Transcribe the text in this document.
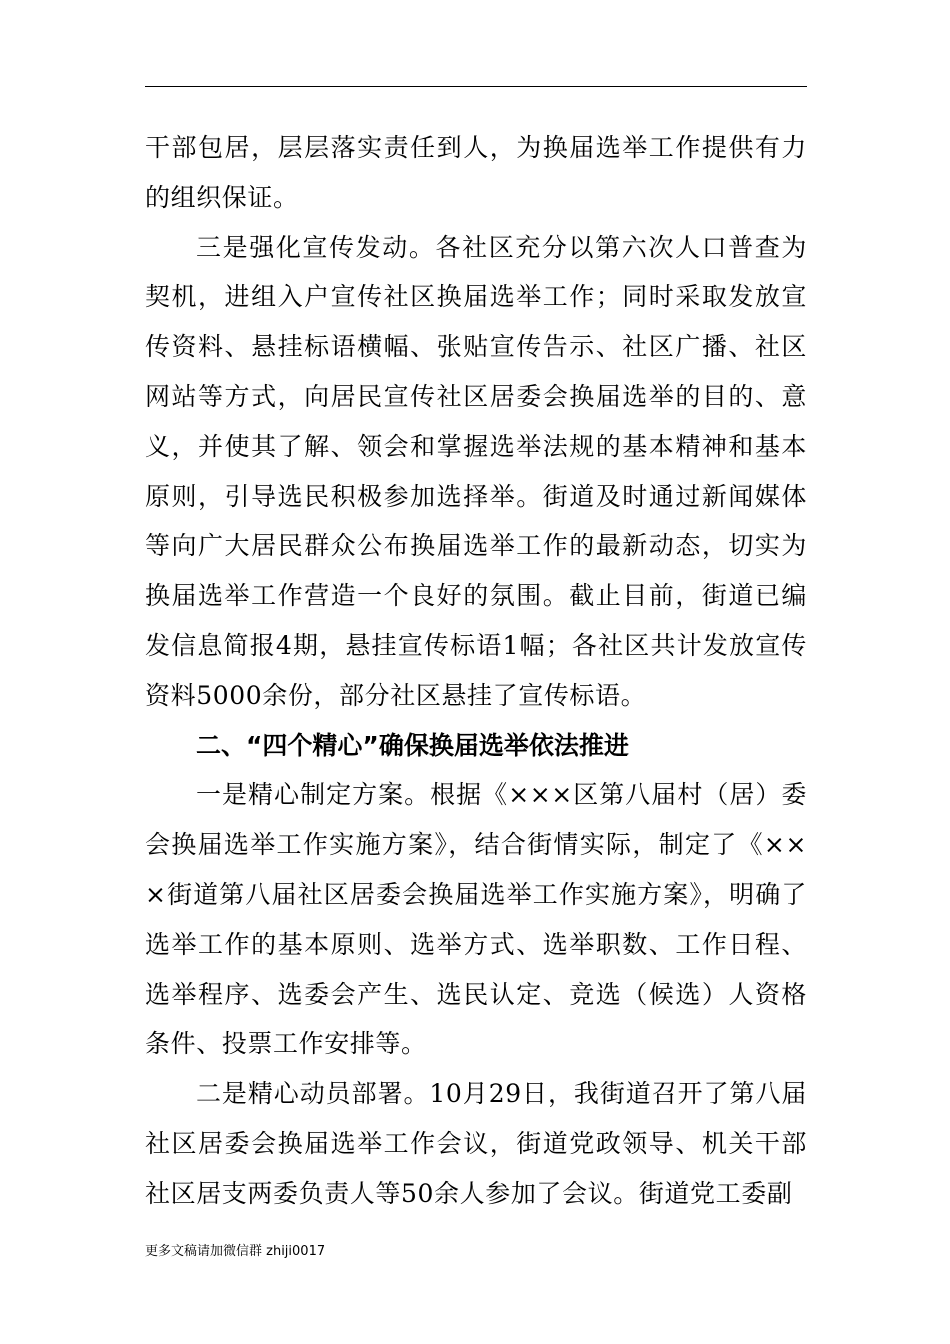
干部包居，层层落实责任到人，为换届选举工作提供有力的组织保证。

三是强化宣传发动。各社区充分以第六次人口普查为契机，进组入户宣传社区换届选举工作；同时采取发放宣传资料、悬挂标语横幅、张贴宣传告示、社区广播、社区网站等方式，向居民宣传社区居委会换届选举的目的、意义，并使其了解、领会和掌握选举法规的基本精神和基本原则，引导选民积极参加选择举。街道及时通过新闻媒体等向广大居民群众公布换届选举工作的最新动态，切实为换届选举工作营造一个良好的氛围。截止目前，街道已编发信息简报4期，悬挂宣传标语1幅；各社区共计发放宣传资料5000余份，部分社区悬挂了宣传标语。

二、“四个精心”确保换届选举依法推进

一是精心制定方案。根据《×××区第八届村（居）委会换届选举工作实施方案》，结合街情实际，制定了《×××街道第八届社区居委会换届选举工作实施方案》，明确了选举工作的基本原则、选举方式、选举职数、工作日程、选举程序、选委会产生、选民认定、竞选（候选）人资格条件、投票工作安排等。

二是精心动员部署。10月29日，我街道召开了第八届社区居委会换届选举工作会议，街道党政领导、机关干部社区居支两委负责人等50余人参加了会议。街道党工委副

更多文稿请加微信群 zhiji0017
